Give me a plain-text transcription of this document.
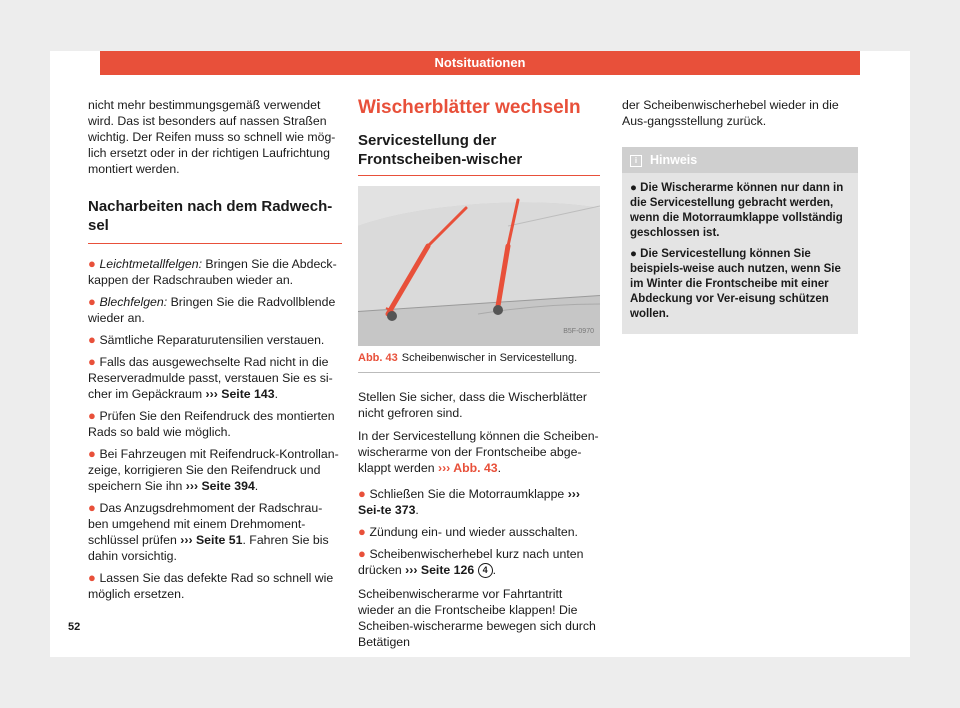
Notsituationen

nicht mehr bestimmungsgemäß verwendet wird. Das ist besonders auf nassen Straßen wichtig. Der Reifen muss so schnell wie mög-lich ersetzt oder in der richtigen Laufrichtung montiert werden.

Nacharbeiten nach dem Radwech-sel

● Leichtmetallfelgen: Bringen Sie die Abdeck-kappen der Radschrauben wieder an.

● Blechfelgen: Bringen Sie die Radvollblende wieder an.

● Sämtliche Reparaturutensilien verstauen.

● Falls das ausgewechselte Rad nicht in die Reserveradmulde passt, verstauen Sie es si-cher im Gepäckraum ››› Seite 143.

● Prüfen Sie den Reifendruck des montierten Rads so bald wie möglich.

● Bei Fahrzeugen mit Reifendruck-Kontrollan-zeige, korrigieren Sie den Reifendruck und speichern Sie ihn ››› Seite 394.

● Das Anzugsdrehmoment der Radschrau-ben umgehend mit einem Drehmoment-schlüssel prüfen ››› Seite 51. Fahren Sie bis dahin vorsichtig.

● Lassen Sie das defekte Rad so schnell wie möglich ersetzen.

Wischerblätter wechseln
Servicestellung der Frontscheiben-wischer
B5F-0970
Abb. 43 Scheibenwischer in Servicestellung.

Stellen Sie sicher, dass die Wischerblätter nicht gefroren sind.

In der Servicestellung können die Scheiben-wischerarme von der Frontscheibe abge-klappt werden ››› Abb. 43.

● Schließen Sie die Motorraumklappe ››› Sei-te 373.

● Zündung ein- und wieder ausschalten.

● Scheibenwischerhebel kurz nach unten drücken ››› Seite 126 4 .

Scheibenwischerarme vor Fahrtantritt wieder an die Frontscheibe klappen! Die Scheiben-wischerarme bewegen sich durch Betätigen

der Scheibenwischerhebel wieder in die Aus-gangsstellung zurück.

i Hinweis

● Die Wischerarme können nur dann in die Servicestellung gebracht werden, wenn die Motorraumklappe vollständig geschlossen ist.

● Die Servicestellung können Sie beispiels-weise auch nutzen, wenn Sie im Winter die Frontscheibe mit einer Abdeckung vor Ver-eisung schützen wollen.

52
